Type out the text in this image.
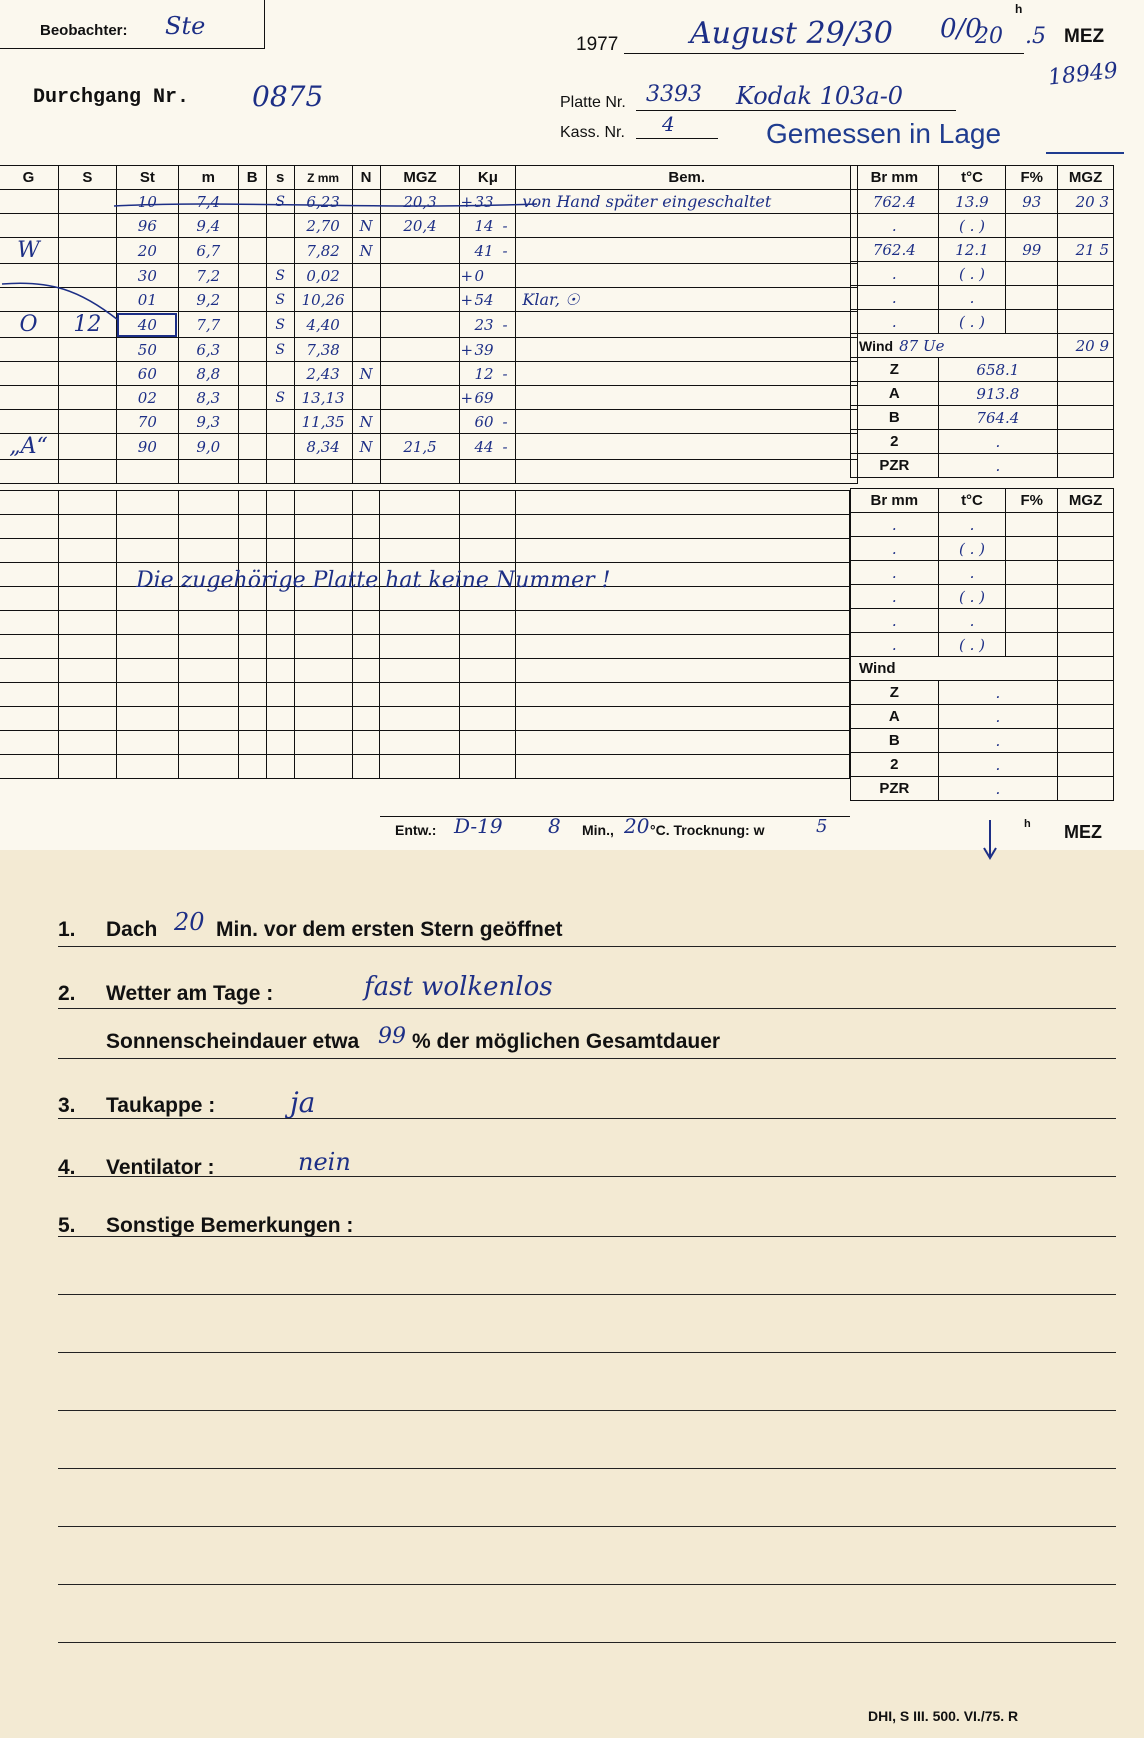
Beobachter: Ste
1977 August 29/30 0/0
20
h
.5 MEZ
18949
Durchgang Nr. 0875	Platte Nr. 3393 Kodak 103a-0
Kass. Nr. 4	Gemessen in Lage
G	S	St	m	B	s	Z mm	N	MGZ	Kμ	Bem.
		10	7,4		S	6,23		20,3	+33	von Hand später eingeschaltet
		96	9,4			2,70	N	20,4	14 -	
W		20	6,7			7,82	N		41 -	
		30	7,2		S	0,02			+0	
		01	9,2		S	10,26			+54	Klar, ☉
O	12	40	7,7		S	4,40			23 -	
		50	6,3		S	7,38			+39	
		60	8,8			2,43	N		12 -	
		02	8,3		S	13,13			+69	
		70	9,3			11,35	N		60 -	
„A“		90	9,0			8,34	N	21,5	44 -	

Br mm	t°C	F%	MGZ
762.4	13.9	93	20 3
.	( . )		
762.4	12.1	99	21 5
.	( . )		
.	.		
.	( . )		
Wind 87 Ue			20 9
Z	658.1		
A	913.8		
B	764.4		
2	.		
PZR	.		
Br mm	t°C	F%	MGZ
.	.		
.	( . )		
.	.		
.	( . )		
.	.		
.	( . )		
Wind			
Z	.		
A	.		
B	.		
2	.		
PZR	.		

Die zugehörige Platte hat keine Nummer !
Entw.: D-19 8 Min., 20 °C. Trocknung: w	5	h MEZ
1. Dach 20 Min. vor dem ersten Stern geöffnet
2. Wetter am Tage :	fast wolkenlos
Sonnenscheindauer etwa 99 % der möglichen Gesamtdauer
3. Taukappe :	ja
4. Ventilator :	nein
5. Sonstige Bemerkungen :
DHI, S III. 500. VI./75. R
